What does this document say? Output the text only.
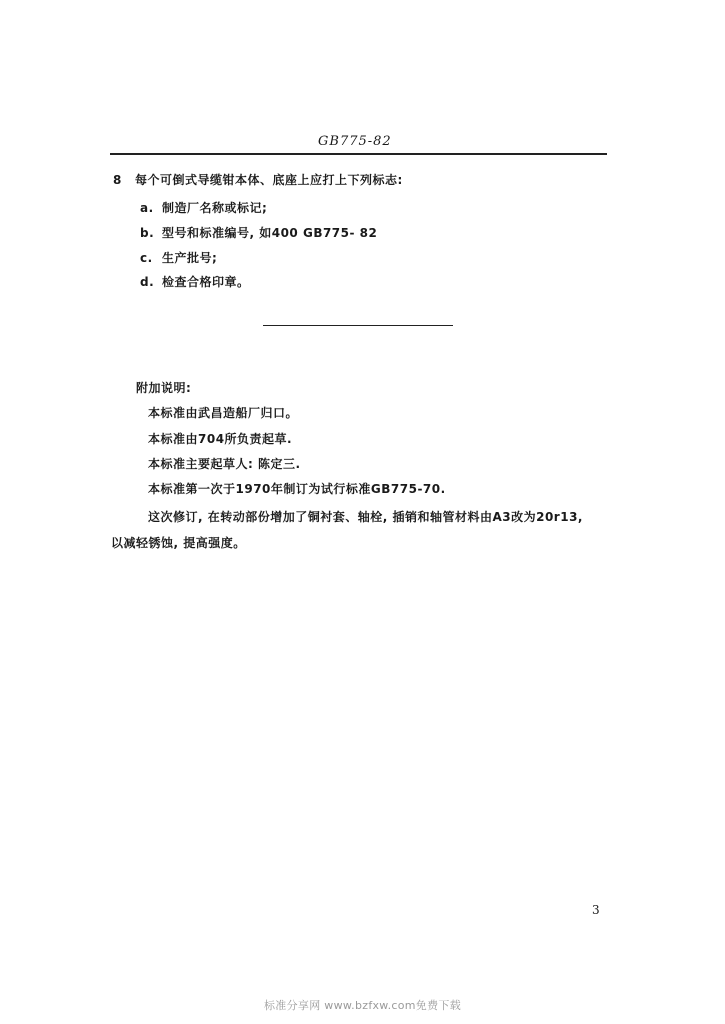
GB775-82
8 每个可倒式导缆钳本体、底座上应打上下列标志:
a. 制造厂名称或标记;
b. 型号和标准编号, 如400 GB775- 82
c. 生产批号;
d. 检查合格印章。
附加说明:
本标准由武昌造船厂归口。
本标准由704所负责起草.
本标准主要起草人: 陈定三.
本标准第一次于1970年制订为试行标准GB775-70.
这次修订, 在转动部份增加了铜衬套、轴栓, 插销和轴管材料由A3改为20r13,
以减轻锈蚀, 提高强度。
3
标准分享网 www.bzfxw.com免费下载
